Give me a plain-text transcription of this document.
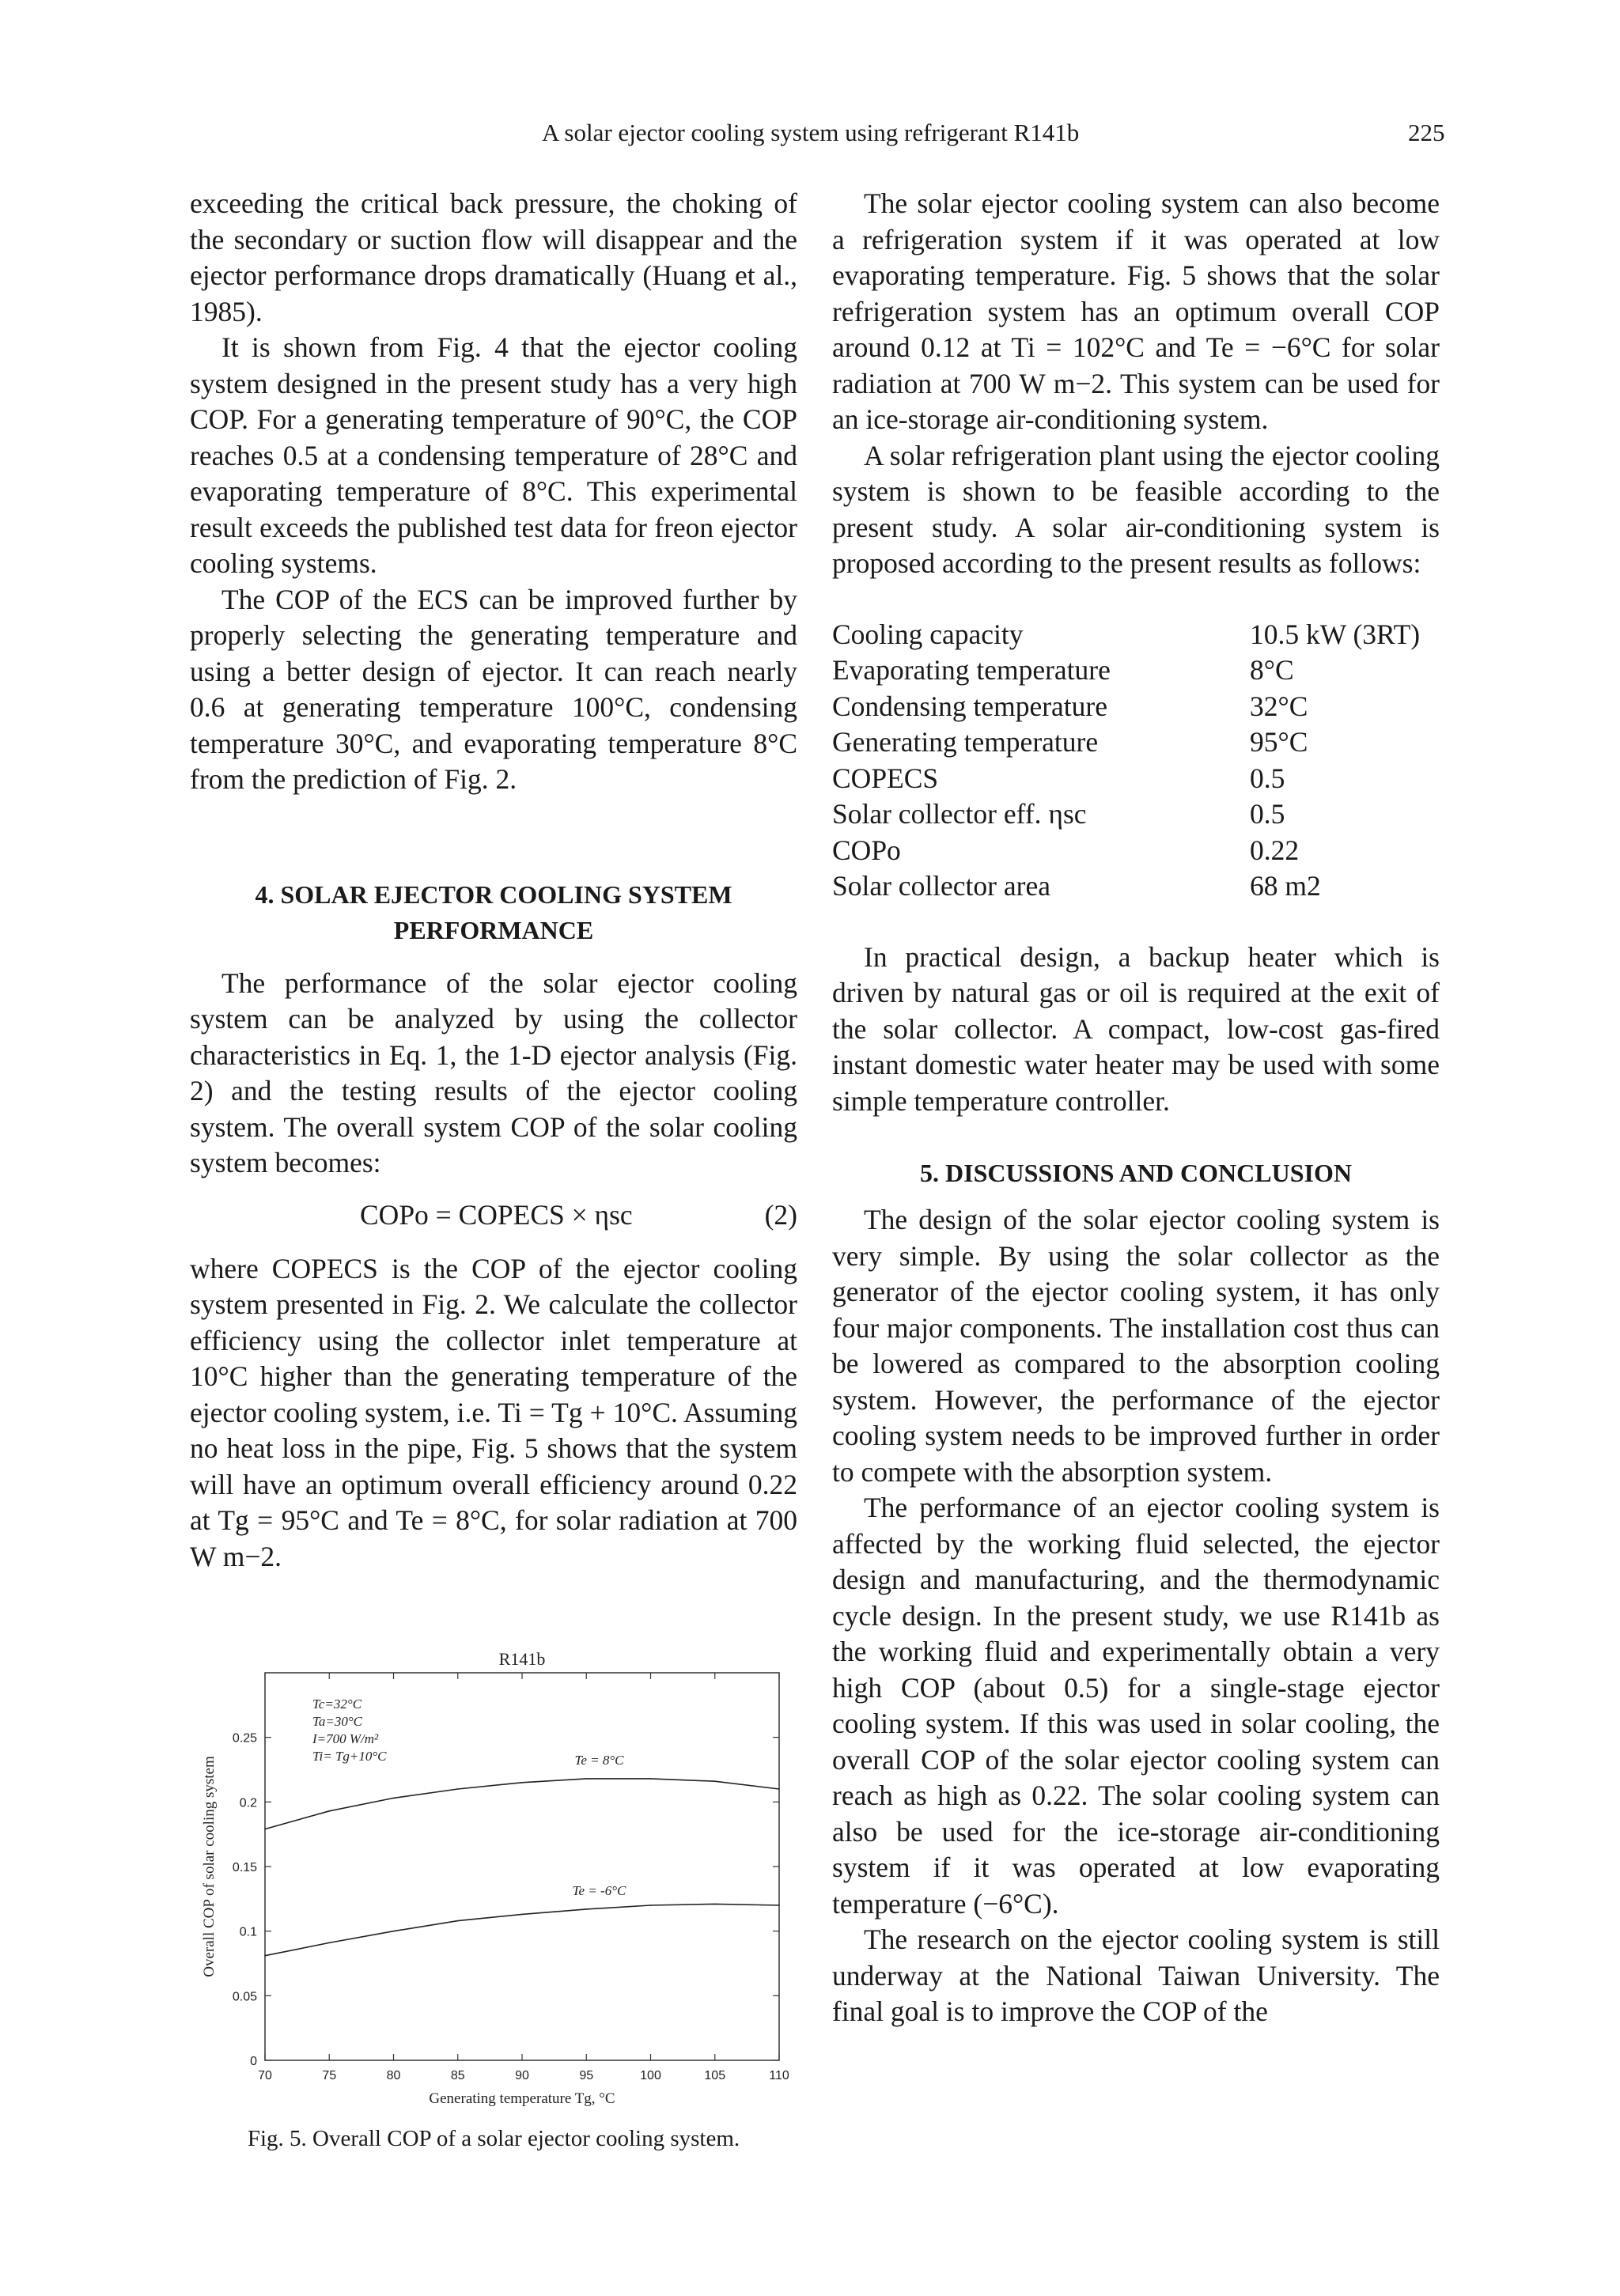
A solar ejector cooling system using refrigerant R141b	225

exceeding the critical back pressure, the choking of the secondary or suction flow will disappear and the ejector performance drops dramatically (Huang et al., 1985).

It is shown from Fig. 4 that the ejector cooling system designed in the present study has a very high COP. For a generating temperature of 90°C, the COP reaches 0.5 at a condensing temperature of 28°C and evaporating temperature of 8°C. This experimental result exceeds the published test data for freon ejector cooling systems.

The COP of the ECS can be improved further by properly selecting the generating temperature and using a better design of ejector. It can reach nearly 0.6 at generating temperature 100°C, condensing temperature 30°C, and evaporating temperature 8°C from the prediction of Fig. 2.

4. SOLAR EJECTOR COOLING SYSTEM
PERFORMANCE

The performance of the solar ejector cooling system can be analyzed by using the collector characteristics in Eq. 1, the 1-D ejector analysis (Fig. 2) and the testing results of the ejector cooling system. The overall system COP of the solar cooling system becomes:

COPo = COPECS × ηsc	(2)

where COPECS is the COP of the ejector cooling system presented in Fig. 2. We calculate the collector efficiency using the collector inlet temperature at 10°C higher than the generating temperature of the ejector cooling system, i.e. Ti = Tg + 10°C. Assuming no heat loss in the pipe, Fig. 5 shows that the system will have an optimum overall efficiency around 0.22 at Tg = 95°C and Te = 8°C, for solar radiation at 700 W m−2.

R141b
70	75	80	85	90	95	100	105	110
0
0.05
0.1
0.15
0.2
0.25
Generating temperature Tg, °C
Overall COP of solar cooling system
Tc=32°C
Ta=30°C
I=700 W/m²
Ti= Tg+10°C	Te = 8°C
Te = -6°C
Fig. 5. Overall COP of a solar ejector cooling system.

The solar ejector cooling system can also become a refrigeration system if it was operated at low evaporating temperature. Fig. 5 shows that the solar refrigeration system has an optimum overall COP around 0.12 at Ti = 102°C and Te = −6°C for solar radiation at 700 W m−2. This system can be used for an ice-storage air-conditioning system.

A solar refrigeration plant using the ejector cooling system is shown to be feasible according to the present study. A solar air-conditioning system is proposed according to the present results as follows:

Cooling capacity	10.5 kW (3RT)
Evaporating temperature	8°C
Condensing temperature	32°C
Generating temperature	95°C
COPECS	0.5
Solar collector eff. ηsc	0.5
COPo	0.22
Solar collector area	68 m2

In practical design, a backup heater which is driven by natural gas or oil is required at the exit of the solar collector. A compact, low-cost gas-fired instant domestic water heater may be used with some simple temperature controller.

5. DISCUSSIONS AND CONCLUSION

The design of the solar ejector cooling system is very simple. By using the solar collector as the generator of the ejector cooling system, it has only four major components. The installation cost thus can be lowered as compared to the absorption cooling system. However, the performance of the ejector cooling system needs to be improved further in order to compete with the absorption system.

The performance of an ejector cooling system is affected by the working fluid selected, the ejector design and manufacturing, and the thermodynamic cycle design. In the present study, we use R141b as the working fluid and experimentally obtain a very high COP (about 0.5) for a single-stage ejector cooling system. If this was used in solar cooling, the overall COP of the solar ejector cooling system can reach as high as 0.22. The solar cooling system can also be used for the ice-storage air-conditioning system if it was operated at low evaporating temperature (−6°C).

The research on the ejector cooling system is still underway at the National Taiwan University. The final goal is to improve the COP of the
